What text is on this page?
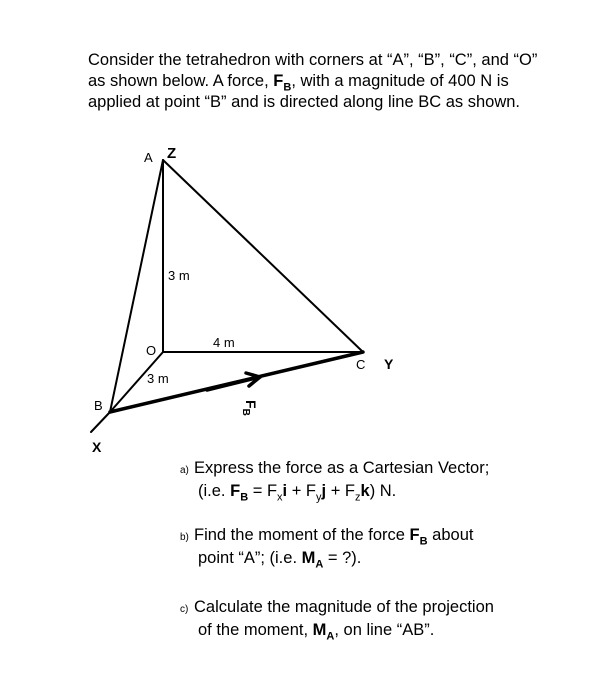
Consider the tetrahedron with corners at “A”, “B”, “C”, and “O” as shown below. A force, $F_B$, with a magnitude of 400 N is applied at point “B” and is directed along line BC as shown.

A Z
O
B
X
C Y
3 m
4 m
3 m
$F_B$

a) Express the force as a Cartesian Vector;
(i.e. $F_B = F_xi + F_yj + F_zk$) N.

b) Find the moment of the force $F_B$ about
point “A”; (i.e. $M_A$ = ?).

c) Calculate the magnitude of the projection
of the moment, $M_A$, on line “AB”.
